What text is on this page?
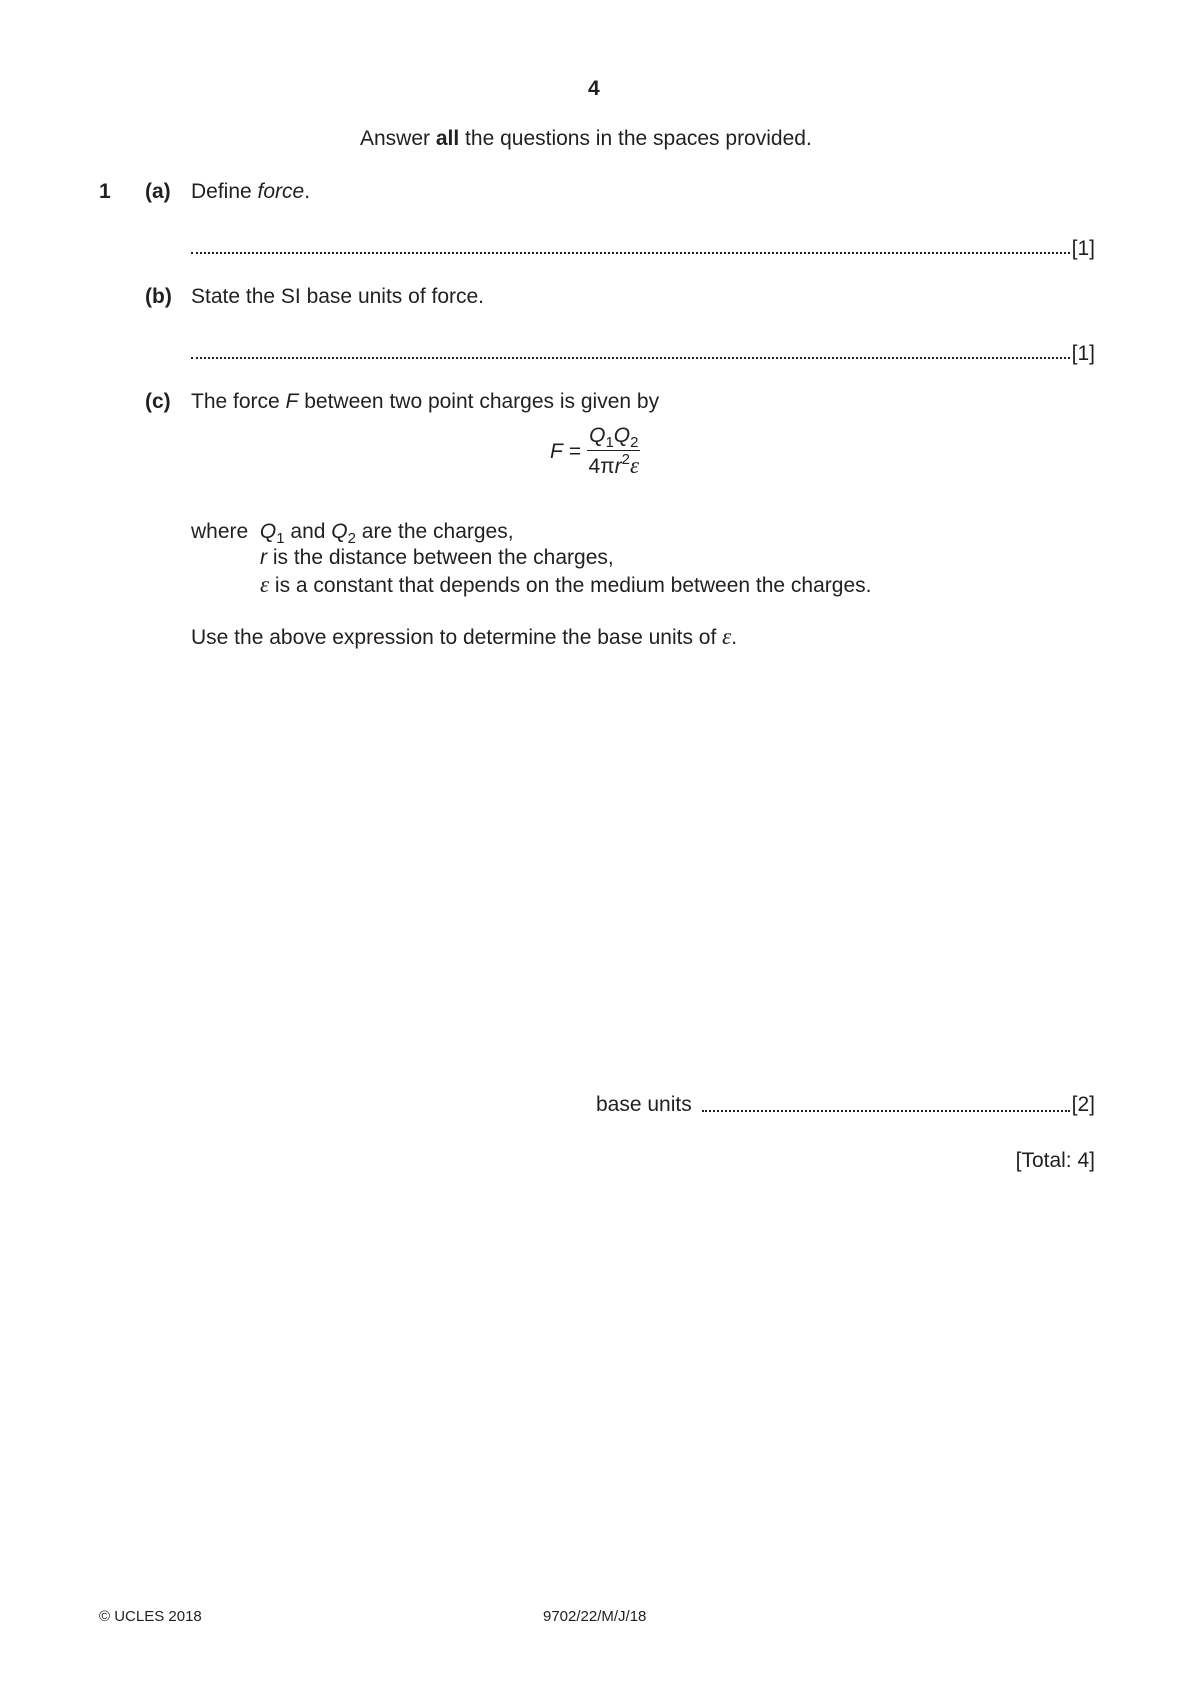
4
Answer all the questions in the spaces provided.
1 (a) Define force.
[1]
(b) State the SI base units of force.
[1]
(c) The force F between two point charges is given by
$F = \frac{Q_1Q_2}{4\pi r^2\varepsilon}$
where $Q_1$ and $Q_2$ are the charges,
r is the distance between the charges,
ε is a constant that depends on the medium between the charges.
Use the above expression to determine the base units of ε.
base units	[2]
[Total: 4]
© UCLES 2018	9702/22/M/J/18
